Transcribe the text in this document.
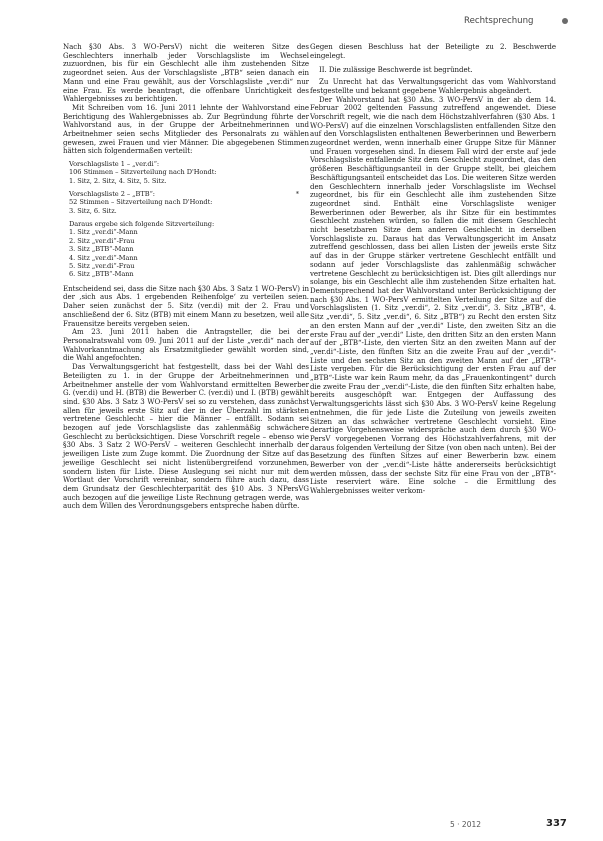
Rechtsprechung

Nach §30 Abs. 3 WO-PersV) nicht die weiteren Sitze des Geschlechters innerhalb jeder Vorschlagsliste im Wechsel zuzuordnen, bis für ein Geschlecht alle ihm zustehenden Sitze zugeordnet seien. Aus der Vorschlagsliste „BTB“ seien danach ein Mann und eine Frau gewählt, aus der Vorschlagsliste „ver.di“ nur eine Frau. Es werde beantragt, die offenbare Unrichtigkeit des Wahlergebnisses zu berichtigen.

Mit Schreiben vom 16. Juni 2011 lehnte der Wahlvorstand eine Berichtigung des Wahlergebnisses ab. Zur Begründung führte der Wahlvorstand aus, in der Gruppe der Arbeitnehmerinnen und Arbeitnehmer seien sechs Mitglieder des Personalrats zu wählen gewesen, zwei Frauen und vier Männer. Die abgegebenen Stimmen hätten sich folgendermaßen verteilt:

Vorschlagsliste 1 – „ver.di“:
106 Stimmen – Sitzverteilung nach D'Hondt:
1. Sitz, 2. Sitz, 4. Sitz, 5. Sitz.
Vorschlagsliste 2 – „BTB“:	*
52 Stimmen – Sitzverteilung nach D'Hondt:
3. Sitz, 6. Sitz.
Daraus ergebe sich folgende Sitzverteilung:
1. Sitz „ver.di“-Mann
2. Sitz „ver.di“-Frau
3. Sitz „BTB“-Mann
4. Sitz „ver.di“-Mann
5. Sitz „ver.di“-Frau
6. Sitz „BTB“-Mann

Entscheidend sei, dass die Sitze nach §30 Abs. 3 Satz 1 WO-PersV) in der ‚sich aus Abs. 1 ergebenden Reihenfolge‘ zu verteilen seien. Daher seien zunächst der 5. Sitz (ver.di) mit der 2. Frau und anschließend der 6. Sitz (BTB) mit einem Mann zu besetzen, weil alle Frauensitze bereits vergeben seien.

Am 23. Juni 2011 haben die Antragsteller, die bei der Personalratswahl vom 09. Juni 2011 auf der Liste „ver.di“ nach der Wahlvorkanntmachung als Ersatzmitglieder gewählt worden sind, die Wahl angefochten.

Das Verwaltungsgericht hat festgestellt, dass bei der Wahl des Beteiligten zu 1. in der Gruppe der Arbeitnehmerinnen und Arbeitnehmer anstelle der vom Wahlvorstand ermittelten Bewerber G. (ver.di) und H. (BTB) die Bewerber C. (ver.di) und I. (BTB) gewählt sind. §30 Abs. 3 Satz 3 WO-PersV sei so zu verstehen, dass zunächst allen für jeweils erste Sitz auf der in der Überzahl im stärksten vertretene Geschlecht – hier die Männer – entfällt. Sodann sei bezogen auf jede Vorschlagsliste das zahlenmäßig schwächere Geschlecht zu berücksichtigen. Diese Vorschrift regele – ebenso wie §30 Abs. 3 Satz 2 WO-PersV – weiteren Geschlecht innerhalb der jeweiligen Liste zum Zuge kommt. Die Zuordnung der Sitze auf das jeweilige Geschlecht sei nicht listenübergreifend vorzunehmen, sondern listen für Liste. Diese Auslegung sei nicht nur mit dem Wortlaut der Vorschrift vereinbar, sondern führe auch dazu, dass dem Grundsatz der Geschlechterparität des §10 Abs. 3 NPersVG auch bezogen auf die jeweilige Liste Rechnung getragen werde, was auch dem Willen des Verordnungsgebers entspreche haben dürfte.

Gegen diesen Beschluss hat der Beteiligte zu 2. Beschwerde eingelegt.

II. Die zulässige Beschwerde ist begründet.

Zu Unrecht hat das Verwaltungsgericht das vom Wahlvorstand festgestellte und bekannt gegebene Wahlergebnis abgeändert.

Der Wahlvorstand hat §30 Abs. 3 WO-PersV in der ab dem 14. Februar 2002 geltenden Fassung zutreffend angewendet. Diese Vorschrift regelt, wie die nach dem Höchstzahlverfahren (§30 Abs. 1 WO-PersV) auf die einzelnen Vorschlagslisten entfallenden Sitze den auf den Vorschlagslisten enthaltenen Bewerberinnen und Bewerbern zugeordnet werden, wenn innerhalb einer Gruppe Sitze für Männer und Frauen vorgesehen sind. In diesem Fall wird der erste auf jede Vorschlagsliste entfallende Sitz dem Geschlecht zugeordnet, das den größeren Beschäftigungsanteil in der Gruppe stellt, bei gleichem Beschäftigungsanteil entscheidet das Los. Die weiteren Sitze werden den Geschlechtern innerhalb jeder Vorschlagsliste im Wechsel zugeordnet, bis für ein Geschlecht alle ihm zustehenden Sitze zugeordnet sind. Enthält eine Vorschlagsliste weniger Bewerberinnen oder Bewerber, als ihr Sitze für ein bestimmtes Geschlecht zustehen würden, so fallen die mit diesem Geschlecht nicht besetzbaren Sitze dem anderen Geschlecht in derselben Vorschlagsliste zu. Daraus hat das Verwaltungsgericht im Ansatz zutreffend geschlossen, dass bei allen Listen der jeweils erste Sitz auf das in der Gruppe stärker vertretene Geschlecht entfällt und sodann auf jeder Vorschlagsliste das zahlenmäßig schwächer vertretene Geschlecht zu berücksichtigen ist. Dies gilt allerdings nur solange, bis ein Geschlecht alle ihm zustehenden Sitze erhalten hat. Dementsprechend hat der Wahlvorstand unter Berücksichtigung der nach §30 Abs. 1 WO-PersV ermittelten Verteilung der Sitze auf die Vorschlagslisten (1. Sitz „ver.di“, 2. Sitz „ver.di“, 3. Sitz „BTB“, 4. Sitz „ver.di“, 5. Sitz „ver.di“, 6. Sitz „BTB“) zu Recht den ersten Sitz an den ersten Mann auf der „ver.di“ Liste, den zweiten Sitz an die erste Frau auf der „ver.di“ Liste, den dritten Sitz an den ersten Mann auf der „BTB“-Liste, den vierten Sitz an den zweiten Mann auf der „ver.di“-Liste, den fünften Sitz an die zweite Frau auf der „ver.di“-Liste und den sechsten Sitz an den zweiten Mann auf der „BTB“-Liste vergeben. Für die Berücksichtigung der ersten Frau auf der „BTB“-Liste war kein Raum mehr, da das „Frauenkontingent“ durch die zweite Frau der „ver.di“-Liste, die den fünften Sitz erhalten habe, bereits ausgeschöpft war. Entgegen der Auffassung des Verwaltungsgerichts lässt sich §30 Abs. 3 WO-PersV keine Regelung entnehmen, die für jede Liste die Zuteilung von jeweils zweiten Sitzen an das schwächer vertretene Geschlecht vorsieht. Eine derartige Vorgehensweise widerspräche auch dem durch §30 WO-PersV vorgegebenen Vorrang des Höchstzahlverfahrens, mit der daraus folgenden Verteilung der Sitze (von oben nach unten). Bei der Besetzung des fünften Sitzes auf einer Bewerberin bzw. einem Bewerber von der „ver.di“-Liste hätte andererseits berücksichtigt werden müssen, dass der sechste Sitz für eine Frau von der „BTB“-Liste reserviert wäre. Eine solche – die Ermittlung des Wahlergebnisses weiter verkom-

5 · 2012	337
